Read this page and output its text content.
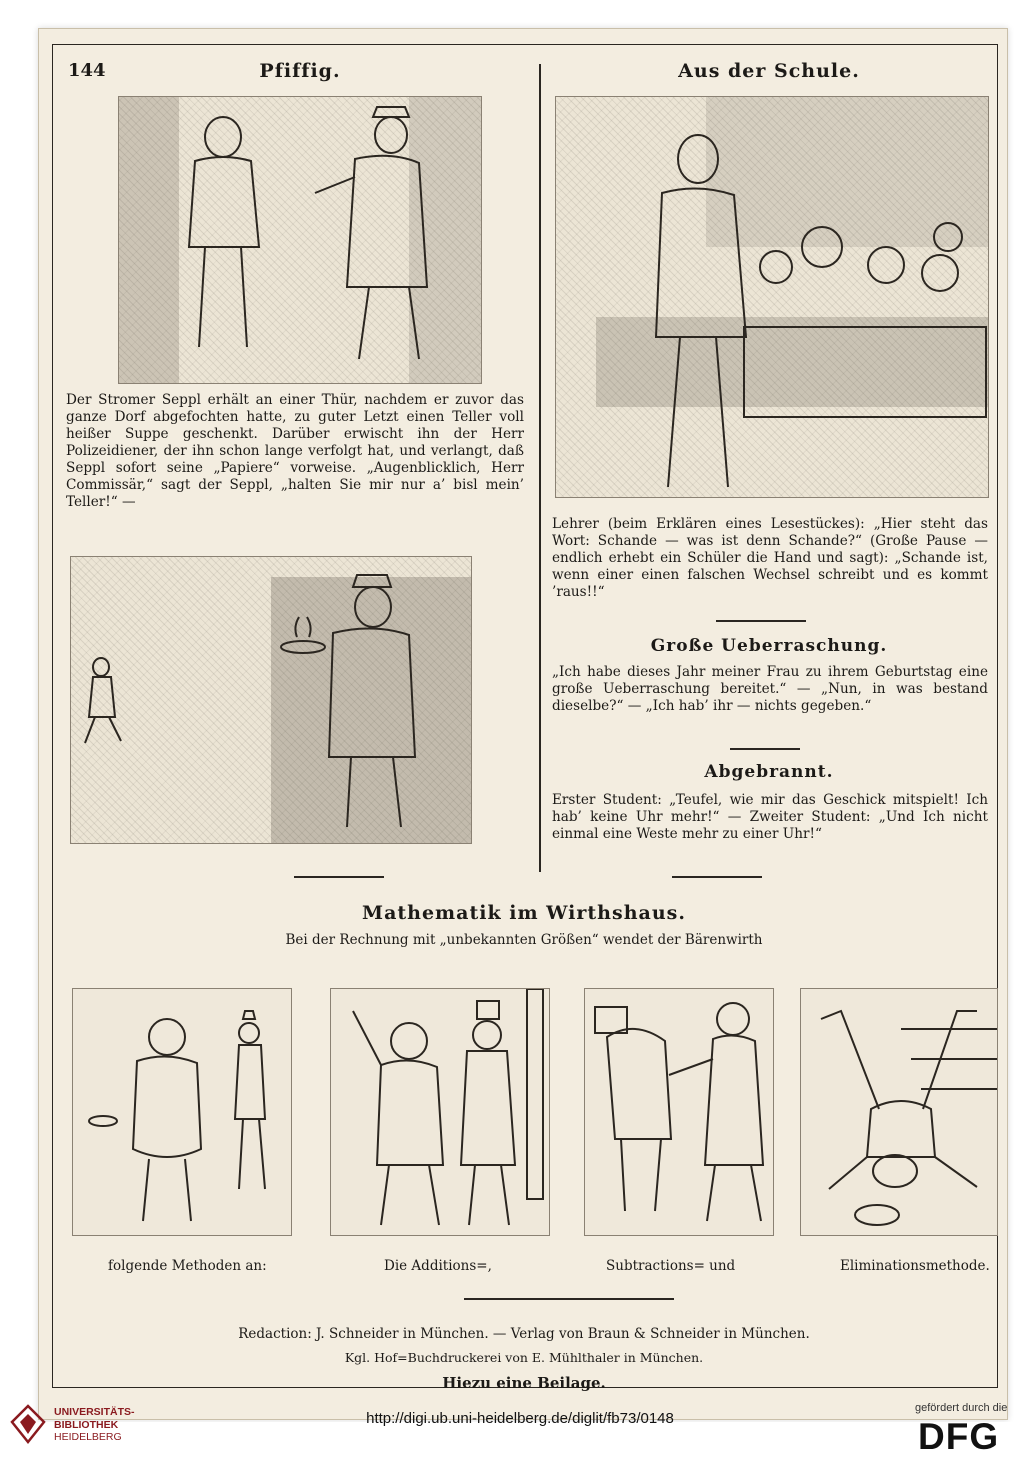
144	Pfiffig.
Der Stromer Seppl erhält an einer Thür, nachdem er zuvor das ganze Dorf abgefochten hatte, zu guter Letzt einen Teller voll heißer Suppe geschenkt. Darüber erwischt ihn der Herr Polizeidiener, der ihn schon lange verfolgt hat, und verlangt, daß Seppl sofort seine „Papiere“ vorweise. „Augenblicklich, Herr Commissär,“ sagt der Seppl, „halten Sie mir nur a’ bisl mein’ Teller!“ —
Aus der Schule.
Lehrer (beim Erklären eines Lesestückes): „Hier steht das Wort: Schande — was ist denn Schande?“ (Große Pause — endlich erhebt ein Schüler die Hand und sagt): „Schande ist, wenn einer einen falschen Wechsel schreibt und es kommt ’raus!!“
Große Ueberraschung.
„Ich habe dieses Jahr meiner Frau zu ihrem Geburtstag eine große Ueberraschung bereitet.“ — „Nun, in was bestand dieselbe?“ — „Ich hab’ ihr — nichts gegeben.“
Abgebrannt.
Erster Student: „Teufel, wie mir das Geschick mitspielt! Ich hab’ keine Uhr mehr!“ — Zweiter Student: „Und Ich nicht einmal eine Weste mehr zu einer Uhr!“
Mathematik im Wirthshaus.
Bei der Rechnung mit „unbekannten Größen“ wendet der Bärenwirth
folgende Methoden an:	Die Additions=,	Subtractions= und	Eliminationsmethode.
Redaction: J. Schneider in München. — Verlag von Braun & Schneider in München.
Kgl. Hof=Buchdruckerei von E. Mühlthaler in München.
Hiezu eine Beilage.
UNIVERSITÄTS-
BIBLIOTHEK
HEIDELBERG
http://digi.ub.uni-heidelberg.de/diglit/fb73/0148
gefördert durch die
DFG
